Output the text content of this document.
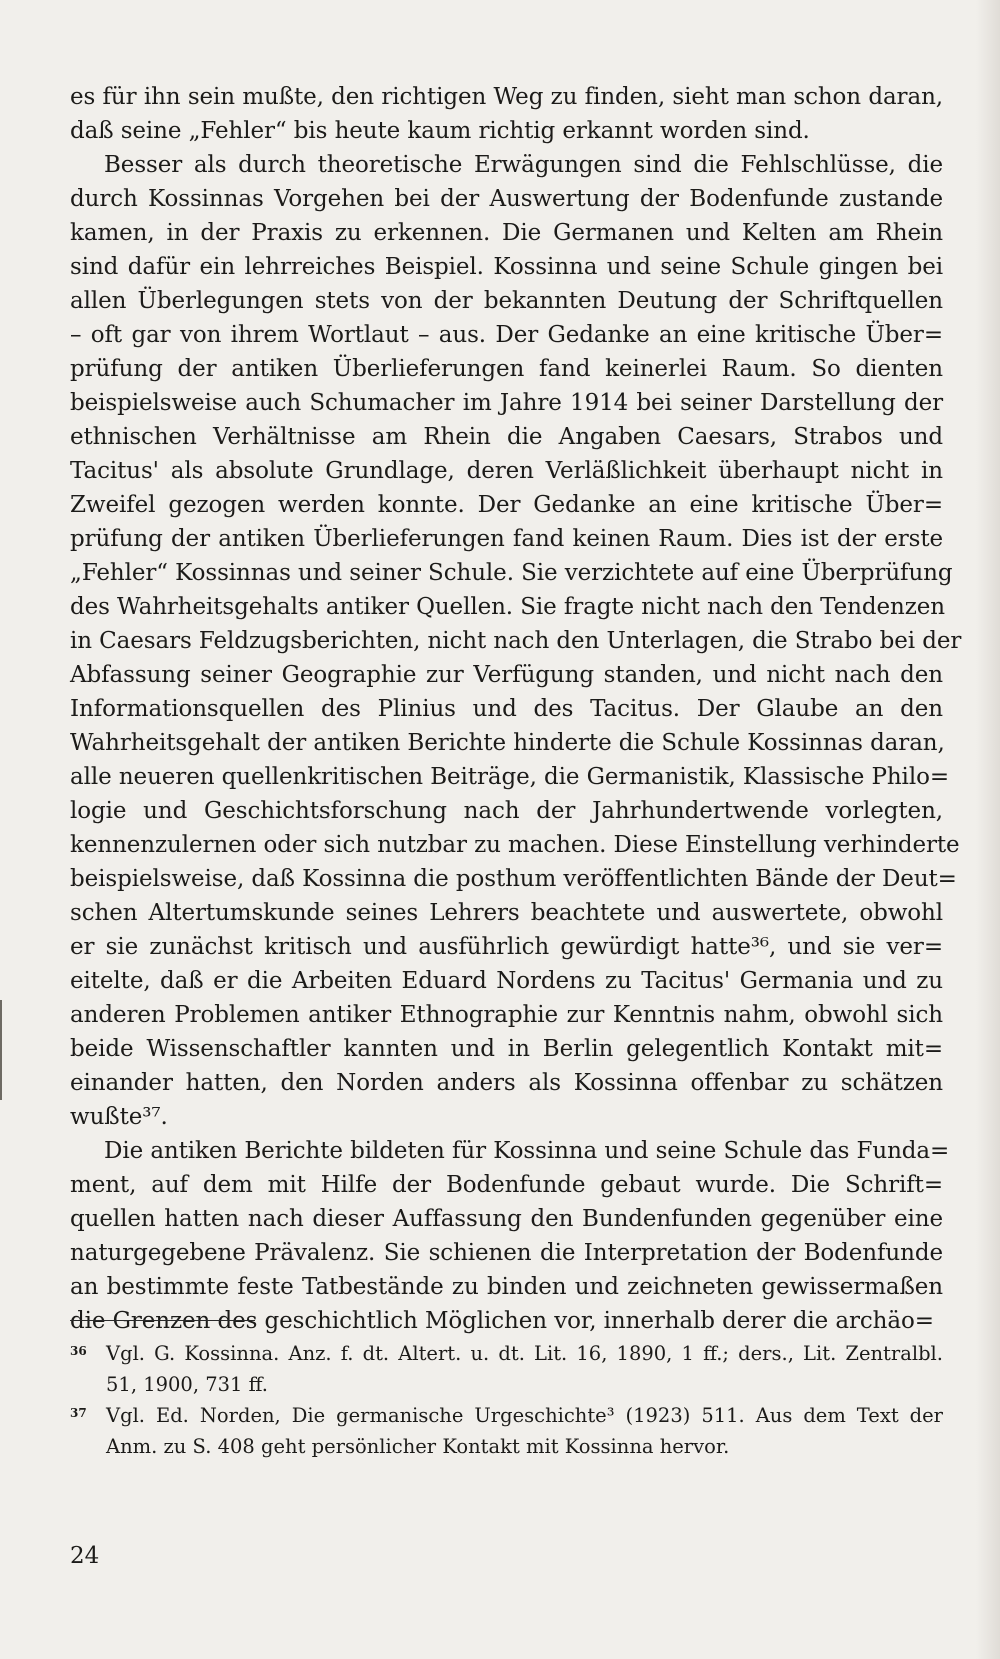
es für ihn sein mußte, den richtigen Weg zu finden, sieht man schon daran,
daß seine „Fehler“ bis heute kaum richtig erkannt worden sind.

Besser als durch theoretische Erwägungen sind die Fehlschlüsse, die
durch Kossinnas Vorgehen bei der Auswertung der Bodenfunde zustande
kamen, in der Praxis zu erkennen. Die Germanen und Kelten am Rhein
sind dafür ein lehrreiches Beispiel. Kossinna und seine Schule gingen bei
allen Überlegungen stets von der bekannten Deutung der Schriftquellen
– oft gar von ihrem Wortlaut – aus. Der Gedanke an eine kritische Über=
prüfung der antiken Überlieferungen fand keinerlei Raum. So dienten
beispielsweise auch Schumacher im Jahre 1914 bei seiner Darstellung der
ethnischen Verhältnisse am Rhein die Angaben Caesars, Strabos und
Tacitus' als absolute Grundlage, deren Verläßlichkeit überhaupt nicht in
Zweifel gezogen werden konnte. Der Gedanke an eine kritische Über=
prüfung der antiken Überlieferungen fand keinen Raum. Dies ist der erste
„Fehler“ Kossinnas und seiner Schule. Sie verzichtete auf eine Überprüfung
des Wahrheitsgehalts antiker Quellen. Sie fragte nicht nach den Tendenzen
in Caesars Feldzugsberichten, nicht nach den Unterlagen, die Strabo bei der
Abfassung seiner Geographie zur Verfügung standen, und nicht nach den
Informationsquellen des Plinius und des Tacitus. Der Glaube an den
Wahrheitsgehalt der antiken Berichte hinderte die Schule Kossinnas daran,
alle neueren quellenkritischen Beiträge, die Germanistik, Klassische Philo=
logie und Geschichtsforschung nach der Jahrhundertwende vorlegten,
kennenzulernen oder sich nutzbar zu machen. Diese Einstellung verhinderte
beispielsweise, daß Kossinna die posthum veröffentlichten Bände der Deut=
schen Altertumskunde seines Lehrers beachtete und auswertete, obwohl
er sie zunächst kritisch und ausführlich gewürdigt hatte³⁶, und sie ver=
eitelte, daß er die Arbeiten Eduard Nordens zu Tacitus' Germania und zu
anderen Problemen antiker Ethnographie zur Kenntnis nahm, obwohl sich
beide Wissenschaftler kannten und in Berlin gelegentlich Kontakt mit=
einander hatten, den Norden anders als Kossinna offenbar zu schätzen
wußte³⁷.

Die antiken Berichte bildeten für Kossinna und seine Schule das Funda=
ment, auf dem mit Hilfe der Bodenfunde gebaut wurde. Die Schrift=
quellen hatten nach dieser Auffassung den Bundenfunden gegenüber eine
naturgegebene Prävalenz. Sie schienen die Interpretation der Bodenfunde
an bestimmte feste Tatbestände zu binden und zeichneten gewissermaßen
die Grenzen des geschichtlich Möglichen vor, innerhalb derer die archäo=

36 Vgl. G. Kossinna. Anz. f. dt. Altert. u. dt. Lit. 16, 1890, 1 ff.; ders., Lit. Zentralbl.
51, 1900, 731 ff.
37 Vgl. Ed. Norden, Die germanische Urgeschichte³ (1923) 511. Aus dem Text der
Anm. zu S. 408 geht persönlicher Kontakt mit Kossinna hervor.
24
